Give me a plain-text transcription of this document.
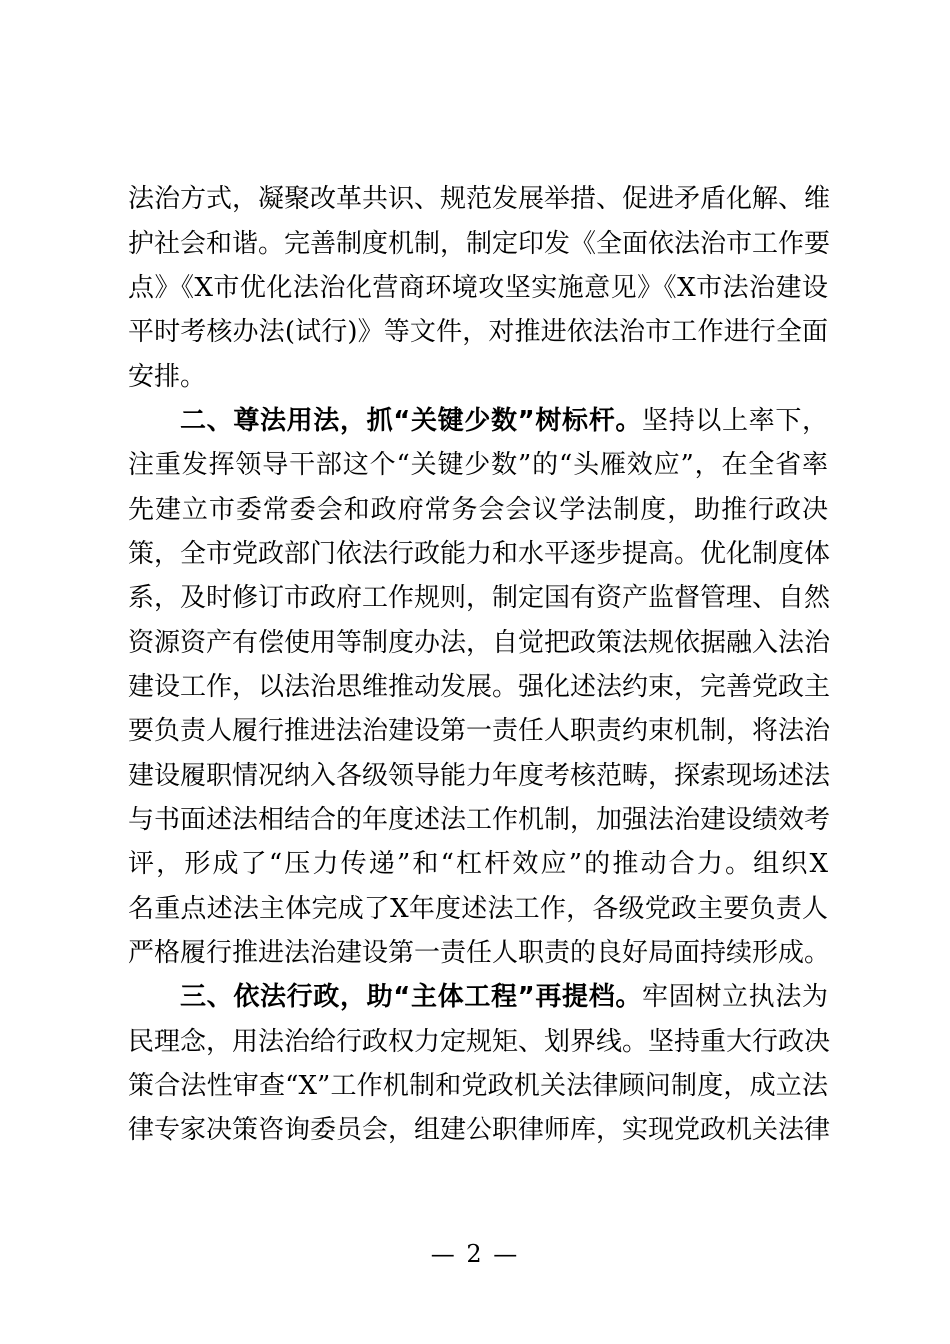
法治方式，凝聚改革共识、规范发展举措、促进矛盾化解、维
护社会和谐。完善制度机制，制定印发《全面依法治市工作要
点》《X市优化法治化营商环境攻坚实施意见》《X市法治建设
平时考核办法(试行)》等文件，对推进依法治市工作进行全面
安排。
二、尊法用法，抓“关键少数”树标杆。坚持以上率下，
注重发挥领导干部这个“关键少数”的“头雁效应”，在全省率
先建立市委常委会和政府常务会会议学法制度，助推行政决
策，全市党政部门依法行政能力和水平逐步提高。优化制度体
系，及时修订市政府工作规则，制定国有资产监督管理、自然
资源资产有偿使用等制度办法，自觉把政策法规依据融入法治
建设工作，以法治思维推动发展。强化述法约束，完善党政主
要负责人履行推进法治建设第一责任人职责约束机制，将法治
建设履职情况纳入各级领导能力年度考核范畴，探索现场述法
与书面述法相结合的年度述法工作机制，加强法治建设绩效考
评，形成了“压力传递”和“杠杆效应”的推动合力。组织X
名重点述法主体完成了X年度述法工作，各级党政主要负责人
严格履行推进法治建设第一责任人职责的良好局面持续形成。
三、依法行政，助“主体工程”再提档。牢固树立执法为
民理念，用法治给行政权力定规矩、划界线。坚持重大行政决
策合法性审查“X”工作机制和党政机关法律顾问制度，成立法
律专家决策咨询委员会，组建公职律师库，实现党政机关法律
— 2 —
